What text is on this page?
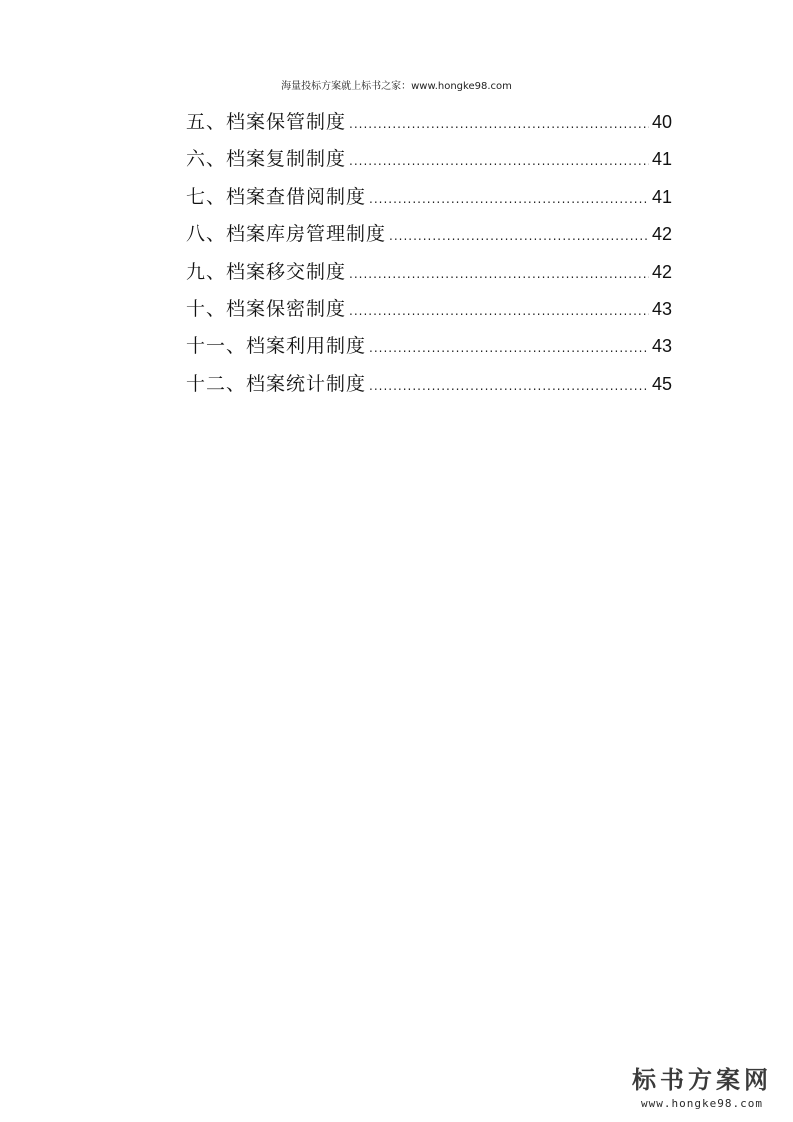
海量投标方案就上标书之家：www.hongke98.com
五、档案保管制度 .....	40
六、档案复制制度 .....	41
七、档案查借阅制度 .....	41
八、档案库房管理制度 .....	42
九、档案移交制度 .....	42
十、档案保密制度 .....	43
十一、档案利用制度 .....	43
十二、档案统计制度 .....	45
标书方案网
www.hongke98.com
